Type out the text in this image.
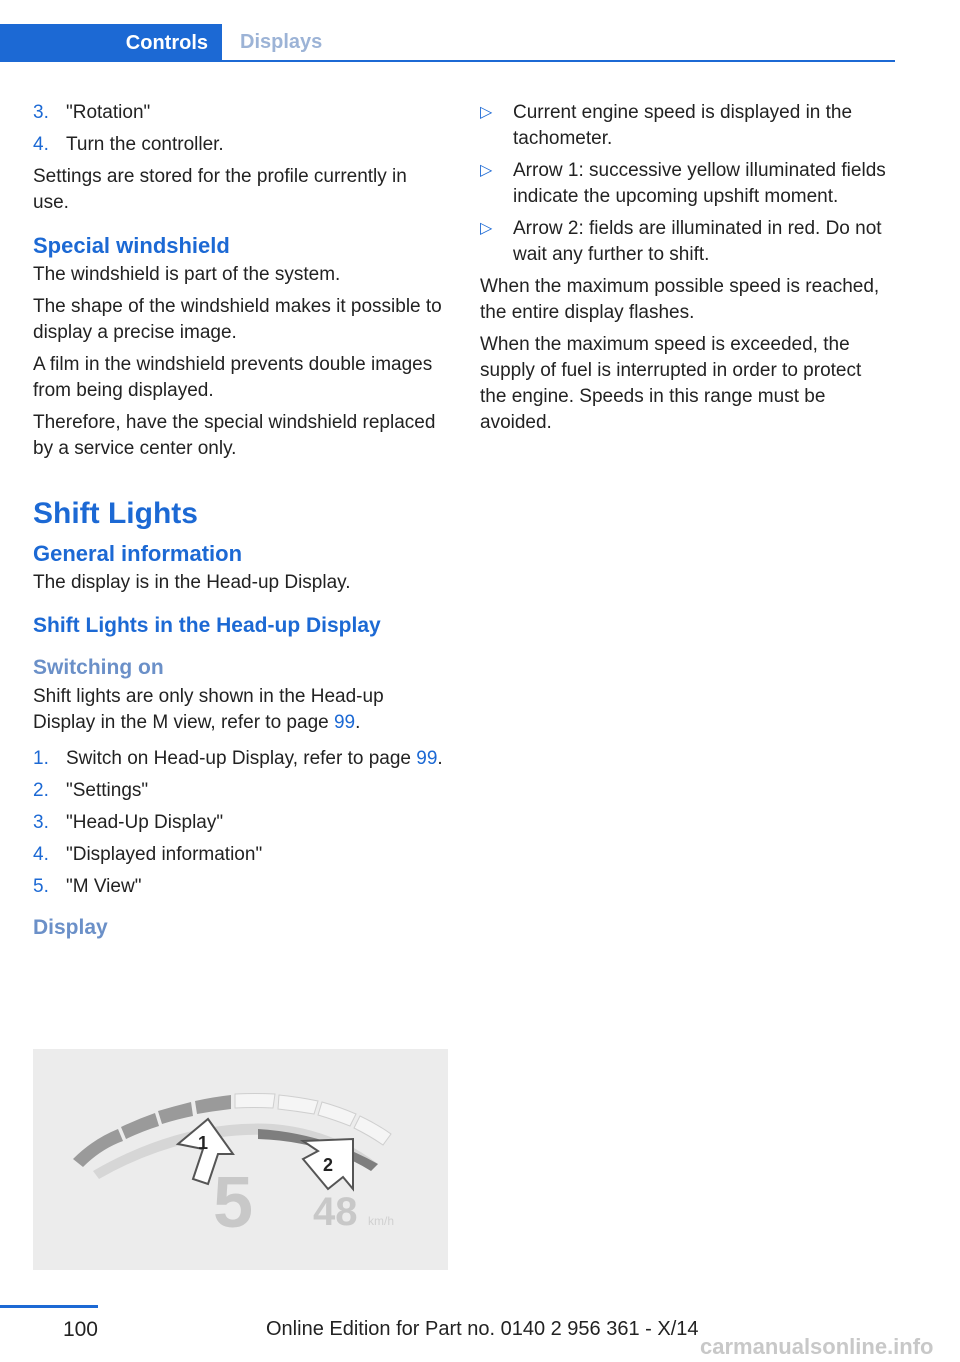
Controls	Displays
3. "Rotation"
4. Turn the controller.

Settings are stored for the profile currently in use.

Special windshield

The windshield is part of the system.

The shape of the windshield makes it possible to display a precise image.

A film in the windshield prevents double images from being displayed.

Therefore, have the special windshield replaced by a service center only.

Shift Lights
General information

The display is in the Head-up Display.

Shift Lights in the Head-up Display
Switching on

Shift lights are only shown in the Head-up Display in the M view, refer to page 99.

1. Switch on Head-up Display, refer to page 99.
2. "Settings"
3. "Head-Up Display"
4. "Displayed information"
5. "M View"
Display
1
2
5 48 km/h
▷ Current engine speed is displayed in the tachometer.
▷ Arrow 1: successive yellow illuminated fields indicate the upcoming upshift moment.
▷ Arrow 2: fields are illuminated in red. Do not wait any further to shift.

When the maximum possible speed is reached, the entire display flashes.

When the maximum speed is exceeded, the supply of fuel is interrupted in order to protect the engine. Speeds in this range must be avoided.

100	Online Edition for Part no. 0140 2 956 361 - X/14
carmanualsonline.info
